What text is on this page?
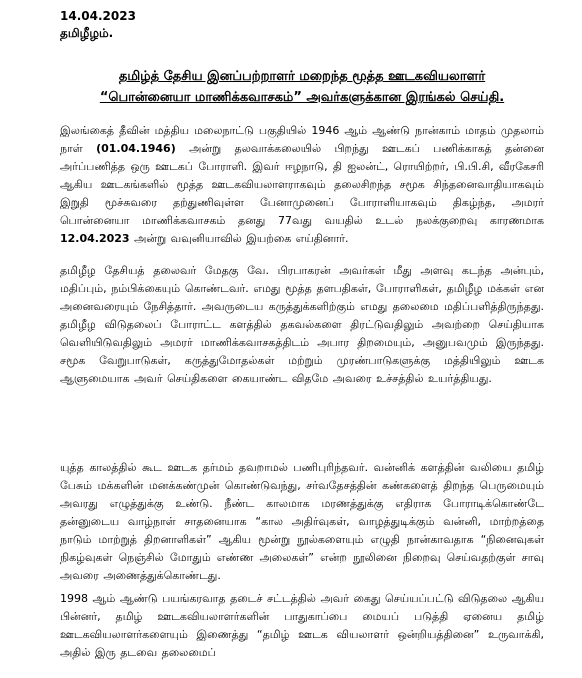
14.04.2023
தமிழீழம்.
தமிழ்த் தேசிய இனப்பற்றாளர் மறைந்த மூத்த ஊடகவியலாளர்
“பொன்னையா மாணிக்கவாசகம்” அவர்களுக்கான இரங்கல் செய்தி.
இலங்கைத் தீவின் மத்திய மலைநாட்டு பகுதியில் 1946 ஆம் ஆண்டு நான்காம் மாதம் முதலாம் நாள் (01.04.1946) அன்று தலவாக்கலையில் பிறந்து ஊடகப் பணிக்காகத் தன்னை அர்ப்பணித்த ஒரு ஊடகப் போராளி. இவர் ஈழநாடு, தி ஐலன்ட், ரொயிற்றர், பி.பி.சி, வீரகேசரி ஆகிய ஊடகங்களில் மூத்த ஊடகவியலாளராகவும் தலைசிறந்த சமூக சிந்தனைவாதியாகவும் இறுதி மூச்சுவரை தற்துணிவுள்ள பேனாமுனைப் போராளியாகவும் திகழ்ந்த, அமரர் பொன்னையா மாணிக்கவாசகம் தனது 77வது வயதில் உடல் நலக்குறைவு காரணமாக 12.04.2023 அன்று வவுனியாவில் இயற்கை எய்தினார்.
தமிழீழ தேசியத் தலைவர் மேதகு வே. பிரபாகரன் அவர்கள் மீது அளவு கடந்த அன்பும், மதிப்பும், நம்பிக்கையும் கொண்டவர். எமது மூத்த தளபதிகள், போராளிகள், தமிழீழ மக்கள் என அனைவரையும் நேசித்தார். அவருடைய கருத்துக்களிற்கும் எமது தலைமை மதிப்பளித்திருந்தது. தமிழீழ விடுதலைப் போராட்ட களத்தில் தகவல்களை திரட்டுவதிலும் அவற்றை செய்தியாக வெளியிடுவதிலும் அமரர் மாணிக்கவாசகத்திடம் அபார திறமையும், அனுபவமும் இருந்தது. சமூக வேறுபாடுகள், கருத்துமோதல்கள் மற்றும் முரண்பாடுகளுக்கு மத்தியிலும் ஊடக ஆளுமையாக அவர் செய்திகளை கையாண்ட விதமே அவரை உச்சத்தில் உயர்த்தியது.
யுத்த காலத்தில் கூட ஊடக தர்மம் தவறாமல் பணிபுரிந்தவர். வன்னிக் களத்தின் வலியை தமிழ் பேசும் மக்களின் மனக்கண்முன் கொண்டுவந்து, சர்வதேசத்தின் கண்களைத் திறந்த பெருமையும் அவரது எழுத்துக்கு உண்டு. நீண்ட காலமாக மரணத்துக்கு எதிராக போராடிக்கொண்டே தன்னுடைய வாழ்நாள் சாதனையாக “கால அதிர்வுகள், வாழத்துடிக்கும் வன்னி, மாற்றத்தை நாடும் மாற்றுத் திறனாளிகள்” ஆகிய மூன்று நூல்களையும் எழுதி நான்காவதாக “நினைவுகள் நிகழ்வுகள் நெஞ்சில் மோதும் எண்ண அலைகள்” என்ற நூலினை நிறைவு செய்வதற்குள் சாவு அவரை அணைத்துக்கொண்டது.
1998 ஆம் ஆண்டு பயங்கரவாத தடைச் சட்டத்தில் அவர் கைது செய்யப்பட்டு விடுதலை ஆகிய பின்னர், தமிழ் ஊடகவியலாளர்களின் பாதுகாப்பை மையப் படுத்தி ஏனைய தமிழ் ஊடகவியலாளர்களையும் இணைத்து “தமிழ் ஊடக வியலாளர் ஒன்றியத்தினை” உருவாக்கி, அதில் இரு தடவை தலைமைப்
